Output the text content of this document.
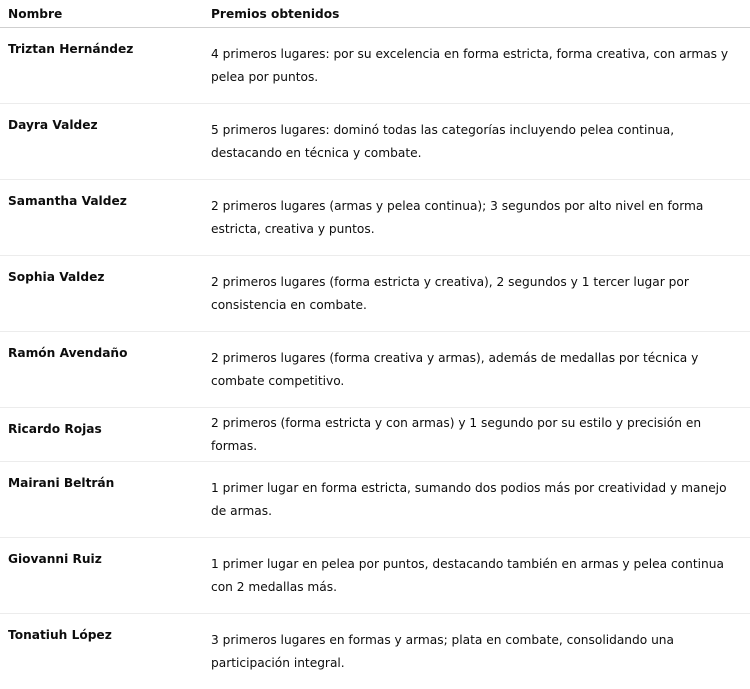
Nombre	Premios obtenidos
Triztan Hernández	4 primeros lugares: por su excelencia en forma estricta, forma creativa, con armas y pelea por puntos.
Dayra Valdez	5 primeros lugares: dominó todas las categorías incluyendo pelea continua, destacando en técnica y combate.
Samantha Valdez	2 primeros lugares (armas y pelea continua); 3 segundos por alto nivel en forma estricta, creativa y puntos.
Sophia Valdez	2 primeros lugares (forma estricta y creativa), 2 segundos y 1 tercer lugar por consistencia en combate.
Ramón Avendaño	2 primeros lugares (forma creativa y armas), además de medallas por técnica y combate competitivo.
Ricardo Rojas	2 primeros (forma estricta y con armas) y 1 segundo por su estilo y precisión en formas.
Mairani Beltrán	1 primer lugar en forma estricta, sumando dos podios más por creatividad y manejo de armas.
Giovanni Ruiz	1 primer lugar en pelea por puntos, destacando también en armas y pelea continua con 2 medallas más.
Tonatiuh López	3 primeros lugares en formas y armas; plata en combate, consolidando una participación integral.
